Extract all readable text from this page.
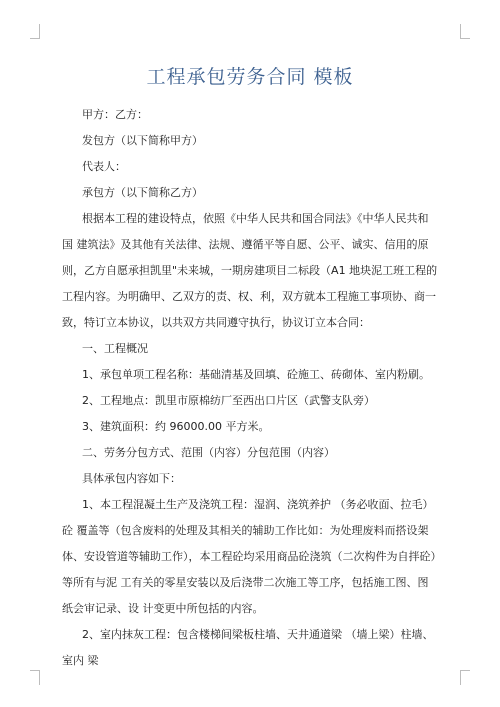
工程承包劳务合同 模板

甲方：乙方：

发包方（以下简称甲方）

代表人：

承包方（以下简称乙方）

根据本工程的建设特点，依照《中华人民共和国合同法》《中华人民共和国 建筑法》及其他有关法律、法规、遵循平等自愿、公平、诚实、信用的原则，乙方自愿承担凯里"未来城，一期房建项目二标段（A1 地块泥工班工程的工程内容。为明确甲、乙双方的责、权、利，双方就本工程施工事项协、商一致，特订立本协议，以共双方共同遵守执行，协议订立本合同：

一、工程概况

1、承包单项工程名称：基础清基及回填、砼施工、砖砌体、室内粉刷。

2、工程地点：凯里市原棉纺厂至西出口片区（武警支队旁）

3、建筑面积：约 96000.00 平方米。

二、劳务分包方式、范围（内容）分包范围（内容）

具体承包内容如下：

1、本工程混凝土生产及浇筑工程：湿润、浇筑养护 （务必收面、拉毛）砼 覆盖等（包含废料的处理及其相关的辅助工作比如：为处理废料而搭设架体、安设管道等辅助工作），本工程砼均采用商品砼浇筑（二次构件为自拌砼）等所有与泥 工有关的零星安装以及后浇带二次施工等工序，包括施工图、图纸会审记录、设 计变更中所包括的内容。

2、室内抹灰工程：包含楼梯间梁板柱墙、天井通道梁 （墙上梁）柱墙、室内 梁
